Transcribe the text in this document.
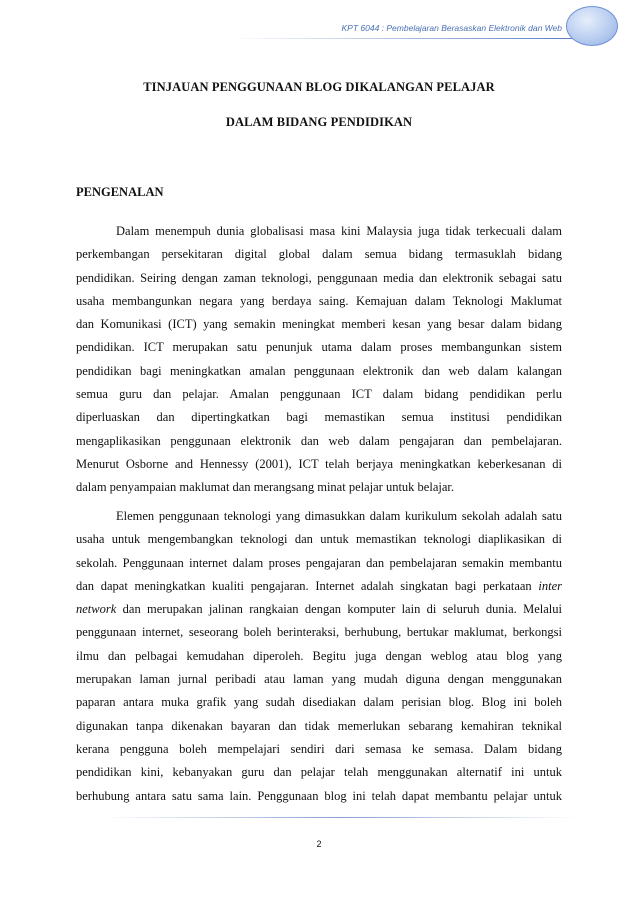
KPT 6044 : Pembelajaran Berasaskan Elektronik dan Web
TINJAUAN PENGGUNAAN BLOG DIKALANGAN PELAJAR
DALAM BIDANG PENDIDIKAN
PENGENALAN
Dalam menempuh dunia globalisasi masa kini Malaysia juga tidak terkecuali dalam
perkembangan persekitaran digital global dalam semua bidang termasuklah bidang
pendidikan. Seiring dengan zaman teknologi, penggunaan media dan elektronik sebagai satu
usaha membangunkan negara yang berdaya saing. Kemajuan dalam Teknologi Maklumat
dan Komunikasi (ICT) yang semakin meningkat memberi kesan yang besar dalam bidang
pendidikan. ICT merupakan satu penunjuk utama dalam proses membangunkan sistem
pendidikan bagi meningkatkan amalan penggunaan elektronik dan web dalam kalangan
semua guru dan pelajar. Amalan penggunaan ICT dalam bidang pendidikan perlu
diperluaskan dan dipertingkatkan bagi memastikan semua institusi pendidikan
mengaplikasikan penggunaan elektronik dan web dalam pengajaran dan pembelajaran.
Menurut Osborne and Hennessy (2001), ICT telah berjaya meningkatkan keberkesanan di
dalam penyampaian maklumat dan merangsang minat pelajar untuk belajar.
Elemen penggunaan teknologi yang dimasukkan dalam kurikulum sekolah adalah satu
usaha untuk mengembangkan teknologi dan untuk memastikan teknologi diaplikasikan di
sekolah. Penggunaan internet dalam proses pengajaran dan pembelajaran semakin membantu
dan dapat meningkatkan kualiti pengajaran. Internet adalah singkatan bagi perkataan inter
network dan merupakan jalinan rangkaian dengan komputer lain di seluruh dunia. Melalui
penggunaan internet, seseorang boleh berinteraksi, berhubung, bertukar maklumat, berkongsi
ilmu dan pelbagai kemudahan diperoleh. Begitu juga dengan weblog atau blog yang
merupakan laman jurnal peribadi atau laman yang mudah diguna dengan menggunakan
paparan antara muka grafik yang sudah disediakan dalam perisian blog. Blog ini boleh
digunakan tanpa dikenakan bayaran dan tidak memerlukan sebarang kemahiran teknikal
kerana pengguna boleh mempelajari sendiri dari semasa ke semasa. Dalam bidang
pendidikan kini, kebanyakan guru dan pelajar telah menggunakan alternatif ini untuk
berhubung antara satu sama lain. Penggunaan blog ini telah dapat membantu pelajar untuk
2
